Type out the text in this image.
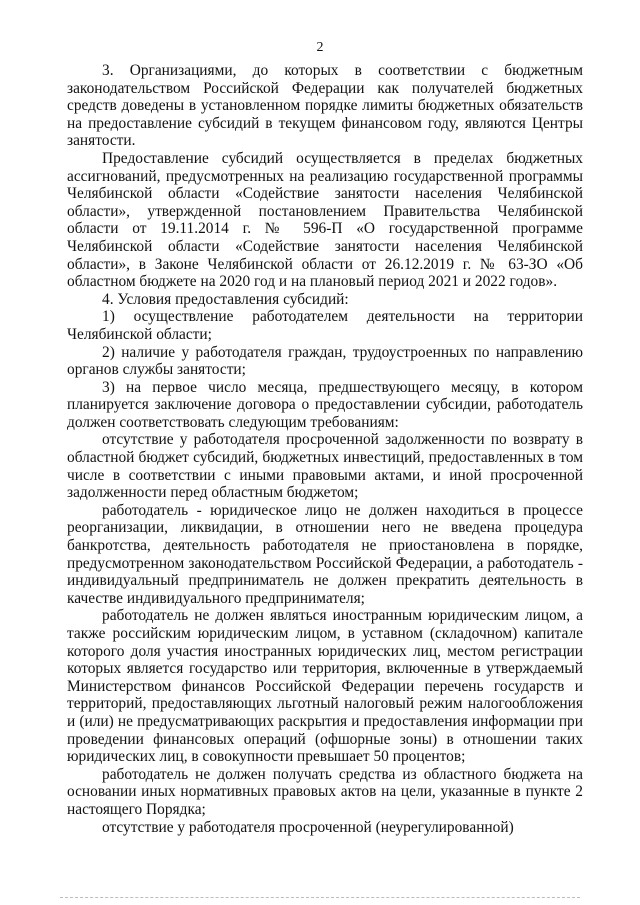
2

3. Организациями, до которых в соответствии с бюджетным законодательством Российской Федерации как получателей бюджетных средств доведены в установленном порядке лимиты бюджетных обязательств на предоставление субсидий в текущем финансовом году, являются Центры занятости.

Предоставление субсидий осуществляется в пределах бюджетных ассигнований, предусмотренных на реализацию государственной программы Челябинской области «Содействие занятости населения Челябинской области», утвержденной постановлением Правительства Челябинской области от 19.11.2014 г. № 596-П «О государственной программе Челябинской области «Содействие занятости населения Челябинской области», в Законе Челябинской области от 26.12.2019 г. № 63-ЗО «Об областном бюджете на 2020 год и на плановый период 2021 и 2022 годов».

4. Условия предоставления субсидий:

1) осуществление работодателем деятельности на территории Челябинской области;

2) наличие у работодателя граждан, трудоустроенных по направлению органов службы занятости;

3) на первое число месяца, предшествующего месяцу, в котором планируется заключение договора о предоставлении субсидии, работодатель должен соответствовать следующим требованиям:

отсутствие у работодателя просроченной задолженности по возврату в областной бюджет субсидий, бюджетных инвестиций, предоставленных в том числе в соответствии с иными правовыми актами, и иной просроченной задолженности перед областным бюджетом;

работодатель - юридическое лицо не должен находиться в процессе реорганизации, ликвидации, в отношении него не введена процедура банкротства, деятельность работодателя не приостановлена в порядке, предусмотренном законодательством Российской Федерации, а работодатель - индивидуальный предприниматель не должен прекратить деятельность в качестве индивидуального предпринимателя;

работодатель не должен являться иностранным юридическим лицом, а также российским юридическим лицом, в уставном (складочном) капитале которого доля участия иностранных юридических лиц, местом регистрации которых является государство или территория, включенные в утверждаемый Министерством финансов Российской Федерации перечень государств и территорий, предоставляющих льготный налоговый режим налогообложения и (или) не предусматривающих раскрытия и предоставления информации при проведении финансовых операций (офшорные зоны) в отношении таких юридических лиц, в совокупности превышает 50 процентов;

работодатель не должен получать средства из областного бюджета на основании иных нормативных правовых актов на цели, указанные в пункте 2 настоящего Порядка;

отсутствие у работодателя просроченной (неурегулированной)
